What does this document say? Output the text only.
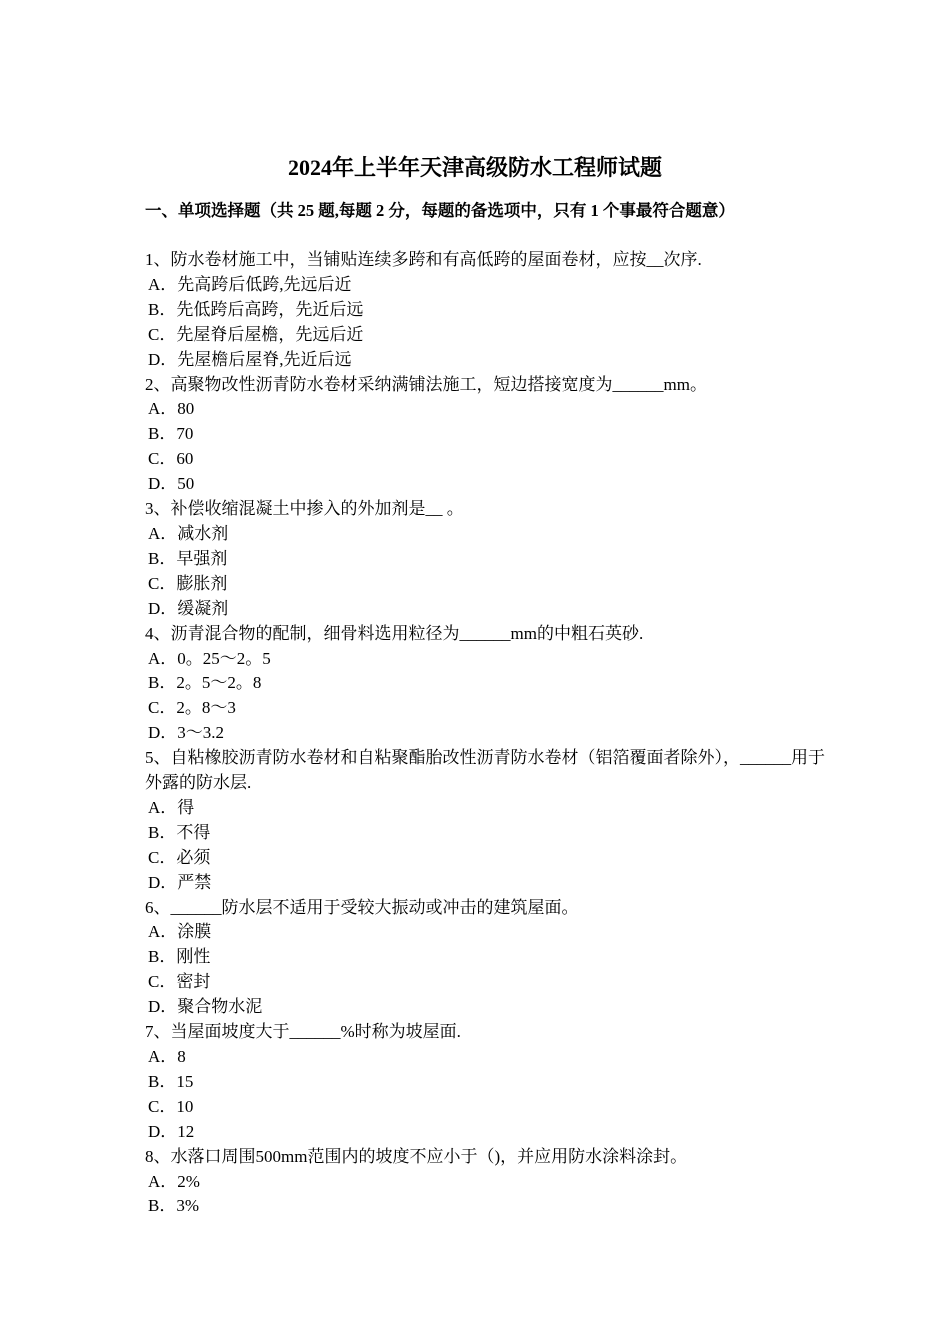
2024年上半年天津高级防水工程师试题

一、单项选择题（共 25 题,每题 2 分，每题的备选项中，只有 1 个事最符合题意）

1、防水卷材施工中，当铺贴连续多跨和有高低跨的屋面卷材，应按__次序.

A．先高跨后低跨,先远后近

B．先低跨后高跨，先近后远

C．先屋脊后屋檐，先远后近

D．先屋檐后屋脊,先近后远

2、高聚物改性沥青防水卷材采纳满铺法施工，短边搭接宽度为______mm。

A．80

B．70

C．60

D．50

3、补偿收缩混凝土中掺入的外加剂是__ 。

A．减水剂

B．早强剂

C．膨胀剂

D．缓凝剂

4、沥青混合物的配制，细骨料选用粒径为______mm的中粗石英砂.

A．0。25～2。5

B．2。5～2。8

C．2。8～3

D．3～3.2

5、自粘橡胶沥青防水卷材和自粘聚酯胎改性沥青防水卷材（铝箔覆面者除外），______用于外露的防水层.

A．得

B．不得

C．必须

D．严禁

6、______防水层不适用于受较大振动或冲击的建筑屋面。

A．涂膜

B．刚性

C．密封

D．聚合物水泥

7、当屋面坡度大于______%时称为坡屋面.

A．8

B．15

C．10

D．12

8、水落口周围500mm范围内的坡度不应小于（)，并应用防水涂料涂封。

A．2%

B．3%
